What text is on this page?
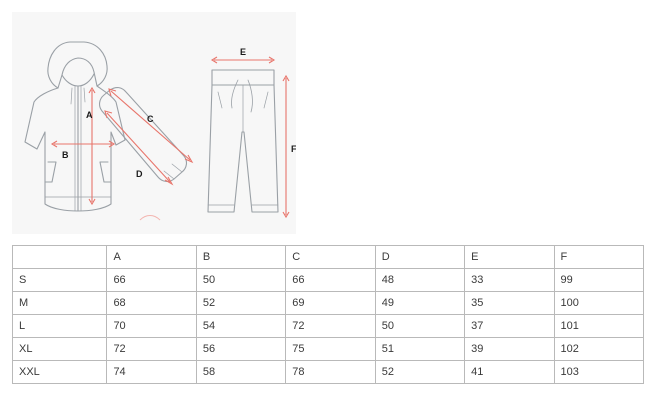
A
B
C
D
E
F
	A	B	C	D	E	F
S	66	50	66	48	33	99
M	68	52	69	49	35	100
L	70	54	72	50	37	101
XL	72	56	75	51	39	102
XXL	74	58	78	52	41	103
